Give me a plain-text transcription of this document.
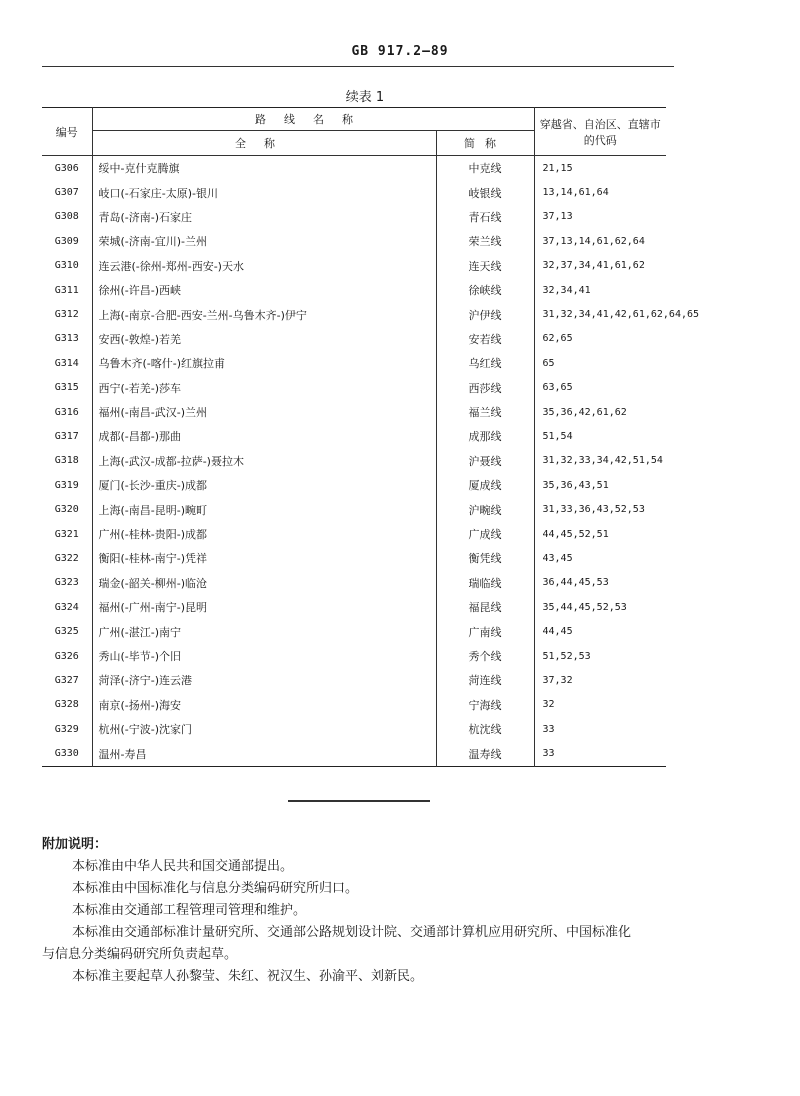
GB 917.2—89
续表 1
编号	路线名称		穿越省、自治区、直辖市的代码
	全称	简称	
G306	绥中-克什克腾旗	中克线	21,15
G307	岐口(-石家庄-太原)-银川	岐银线	13,14,61,64
G308	青岛(-济南-)石家庄	青石线	37,13
G309	荣城(-济南-宜川)-兰州	荣兰线	37,13,14,61,62,64
G310	连云港(-徐州-郑州-西安-)天水	连天线	32,37,34,41,61,62
G311	徐州(-许昌-)西峡	徐峡线	32,34,41
G312	上海(-南京-合肥-西安-兰州-乌鲁木齐-)伊宁	沪伊线	31,32,34,41,42,61,62,64,65
G313	安西(-敦煌-)若羌	安若线	62,65
G314	乌鲁木齐(-喀什-)红旗拉甫	乌红线	65
G315	西宁(-若羌-)莎车	西莎线	63,65
G316	福州(-南昌-武汉-)兰州	福兰线	35,36,42,61,62
G317	成都(-昌都-)那曲	成那线	51,54
G318	上海(-武汉-成都-拉萨-)聂拉木	沪聂线	31,32,33,34,42,51,54
G319	厦门(-长沙-重庆-)成都	厦成线	35,36,43,51
G320	上海(-南昌-昆明-)畹町	沪畹线	31,33,36,43,52,53
G321	广州(-桂林-贵阳-)成都	广成线	44,45,52,51
G322	衡阳(-桂林-南宁-)凭祥	衡凭线	43,45
G323	瑞金(-韶关-柳州-)临沧	瑞临线	36,44,45,53
G324	福州(-广州-南宁-)昆明	福昆线	35,44,45,52,53
G325	广州(-湛江-)南宁	广南线	44,45
G326	秀山(-毕节-)个旧	秀个线	51,52,53
G327	菏泽(-济宁-)连云港	菏连线	37,32
G328	南京(-扬州-)海安	宁海线	32
G329	杭州(-宁波-)沈家门	杭沈线	33
G330	温州-寿昌	温寿线	33
附加说明：

本标准由中华人民共和国交通部提出。

本标准由中国标准化与信息分类编码研究所归口。

本标准由交通部工程管理司管理和维护。

本标准由交通部标准计量研究所、交通部公路规划设计院、交通部计算机应用研究所、中国标准化

与信息分类编码研究所负责起草。

本标准主要起草人孙黎莹、朱红、祝汉生、孙渝平、刘新民。
